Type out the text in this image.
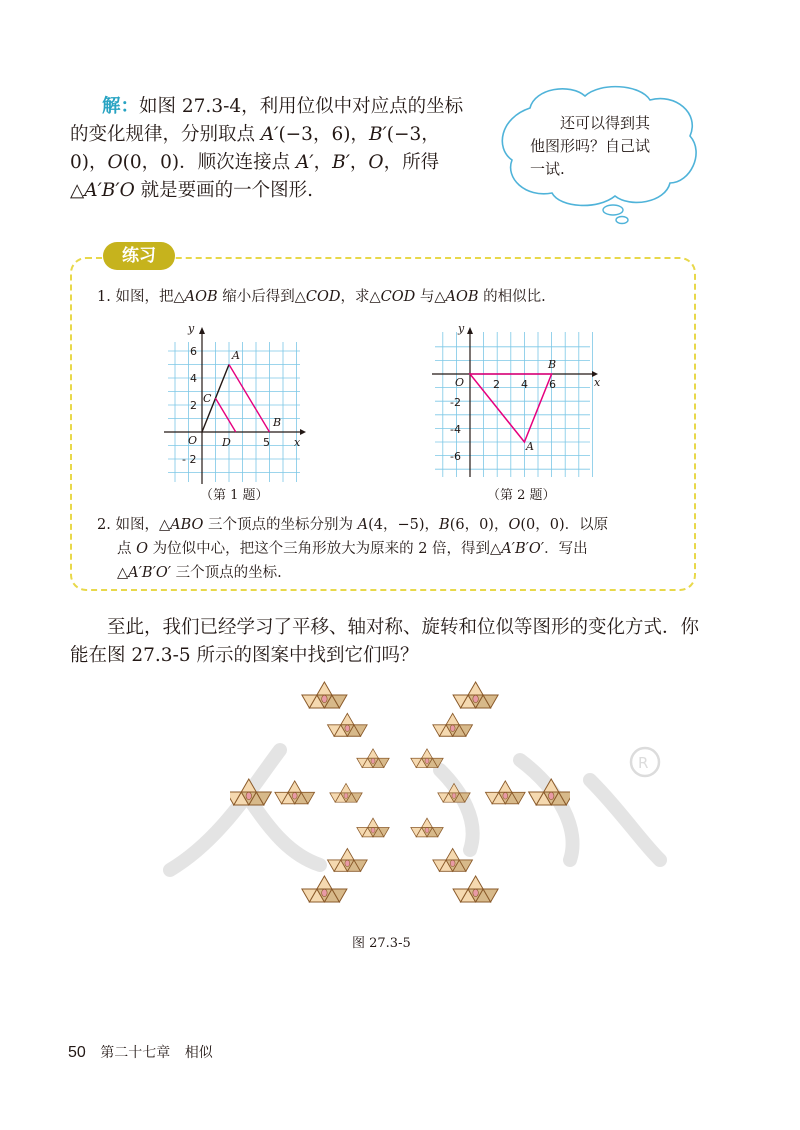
解：如图 27.3-4，利用位似中对应点的坐标
的变化规律，分别取点 A′(−3，6)，B′(−3，
0)，O(0，0)．顺次连接点 A′，B′，O，所得
△A′B′O 就是要画的一个图形.
还可以得到其
他图形吗？自己试
一试.
练习
1. 如图，把△AOB 缩小后得到△COD，求△COD 与△AOB 的相似比.
x
y
O	5
6
4
2
- 2
A
B
C
D
（第 1 题）
x
y
O	2 4 6
-2
-4
-6
A
B
（第 2 题）
2. 如图，△ABO 三个顶点的坐标分别为 A(4，−5)，B(6，0)，O(0，0)．以原
点 O 为位似中心，把这个三角形放大为原来的 2 倍，得到△A′B′O′．写出
△A′B′O′ 三个顶点的坐标.
至此，我们已经学习了平移、轴对称、旋转和位似等图形的变化方式．你
能在图 27.3-5 所示的图案中找到它们吗？
R
图 27.3-5
50 第二十七章 相似
